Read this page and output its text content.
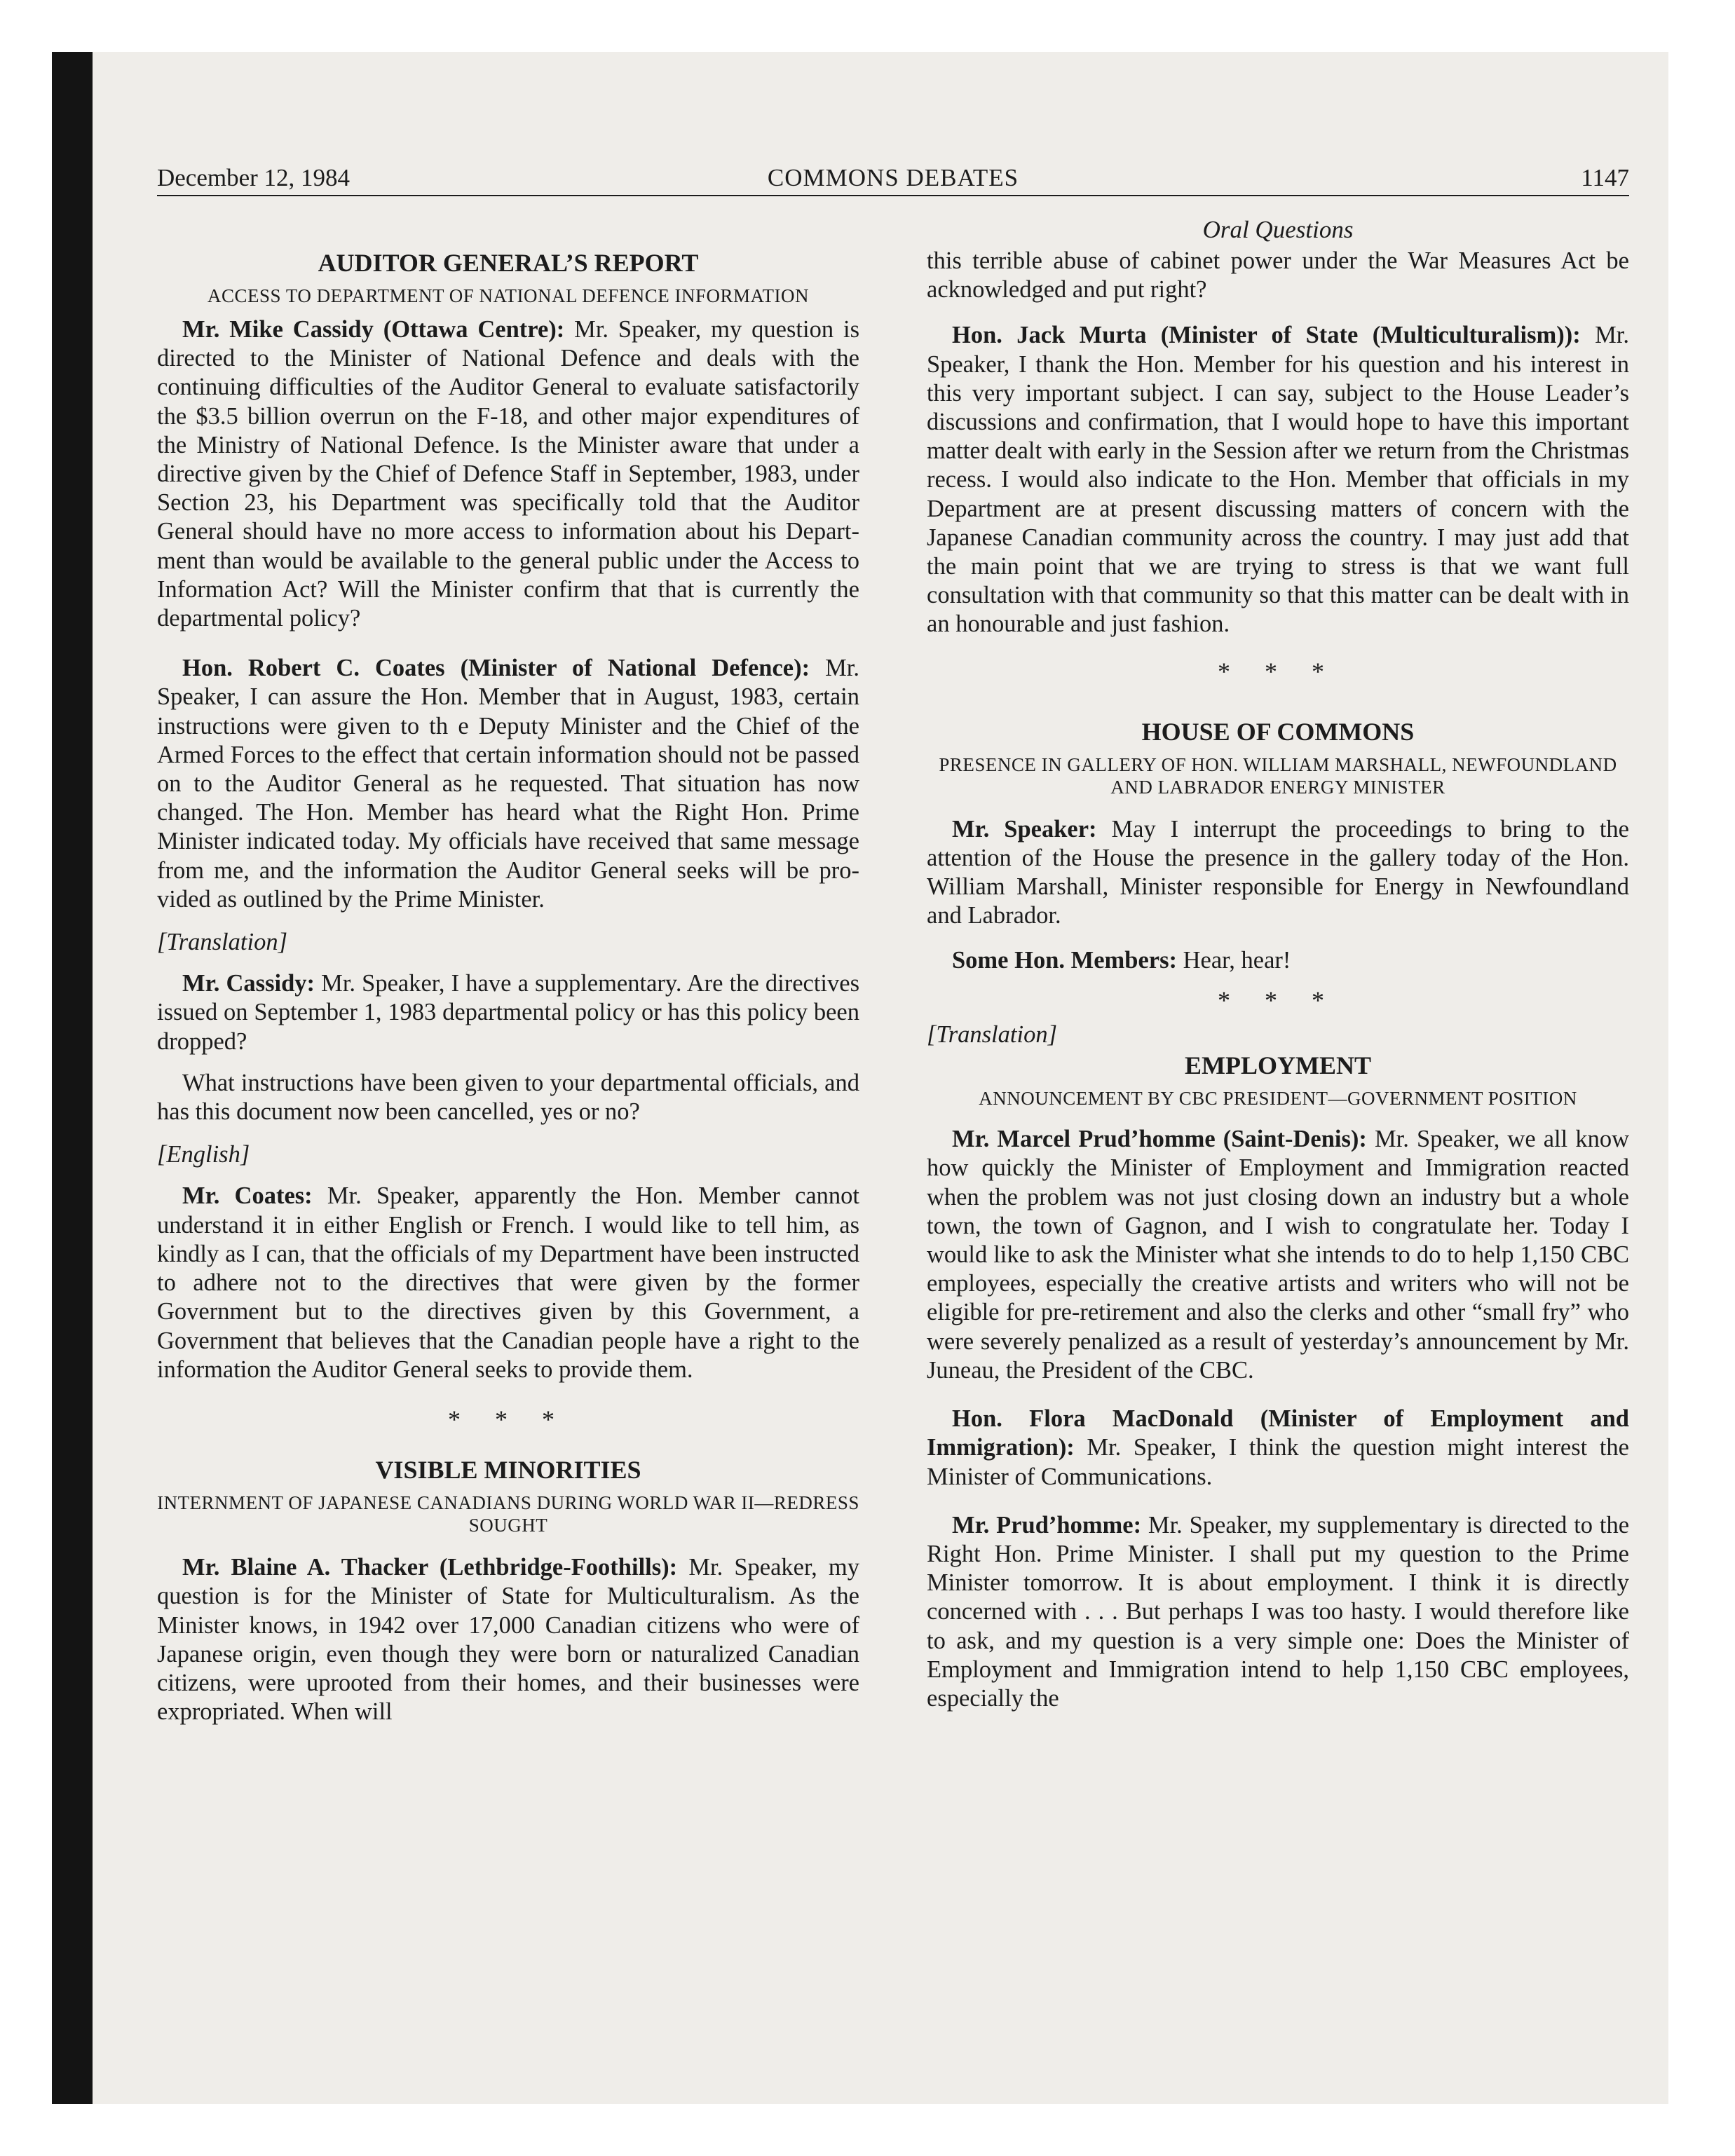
December 12, 1984	COMMONS DEBATES	1147
AUDITOR GENERAL’S REPORT
ACCESS TO DEPARTMENT OF NATIONAL DEFENCE INFORMATION

Mr. Mike Cassidy (Ottawa Centre): Mr. Speaker, my question is directed to the Minister of National Defence and deals with the continuing difficulties of the Auditor General to evaluate satisfactorily the $3.5 billion overrun on the F-18, and other major expenditures of the Ministry of National Defence. Is the Minister aware that under a directive given by the Chief of Defence Staff in September, 1983, under Section 23, his Department was specifically told that the Auditor General should have no more access to information about his Department than would be available to the general public under the Access to Information Act? Will the Minister confirm that that is currently the departmental policy?

Hon. Robert C. Coates (Minister of National Defence): Mr. Speaker, I can assure the Hon. Member that in August, 1983, certain instructions were given to th e Deputy Minister and the Chief of the Armed Forces to the effect that certain information should not be passed on to the Auditor General as he requested. That situation has now changed. The Hon. Member has heard what the Right Hon. Prime Minister indicated today. My officials have received that same message from me, and the information the Auditor General seeks will be provided as outlined by the Prime Minister.

[Translation]

Mr. Cassidy: Mr. Speaker, I have a supplementary. Are the directives issued on September 1, 1983 departmental policy or has this policy been dropped?

What instructions have been given to your departmental officials, and has this document now been cancelled, yes or no?

[English]

Mr. Coates: Mr. Speaker, apparently the Hon. Member cannot understand it in either English or French. I would like to tell him, as kindly as I can, that the officials of my Department have been instructed to adhere not to the directives that were given by the former Government but to the directives given by this Government, a Government that believes that the Canadian people have a right to the information the Auditor General seeks to provide them.

* * *
VISIBLE MINORITIES
INTERNMENT OF JAPANESE CANADIANS DURING WORLD WAR II—REDRESS SOUGHT

Mr. Blaine A. Thacker (Lethbridge-Foothills): Mr. Speaker, my question is for the Minister of State for Multiculturalism. As the Minister knows, in 1942 over 17,000 Canadian citizens who were of Japanese origin, even though they were born or naturalized Canadian citizens, were uprooted from their homes, and their businesses were expropriated. When will

Oral Questions

this terrible abuse of cabinet power under the War Measures Act be acknowledged and put right?

Hon. Jack Murta (Minister of State (Multiculturalism)): Mr. Speaker, I thank the Hon. Member for his question and his interest in this very important subject. I can say, subject to the House Leader’s discussions and confirmation, that I would hope to have this important matter dealt with early in the Session after we return from the Christmas recess. I would also indicate to the Hon. Member that officials in my Department are at present discussing matters of concern with the Japanese Canadian community across the country. I may just add that the main point that we are trying to stress is that we want full consultation with that community so that this matter can be dealt with in an honourable and just fashion.

* * *
HOUSE OF COMMONS
PRESENCE IN GALLERY OF HON. WILLIAM MARSHALL, NEWFOUNDLAND AND LABRADOR ENERGY MINISTER

Mr. Speaker: May I interrupt the proceedings to bring to the attention of the House the presence in the gallery today of the Hon. William Marshall, Minister responsible for Energy in Newfoundland and Labrador.

Some Hon. Members: Hear, hear!

* * *

[Translation]

EMPLOYMENT
ANNOUNCEMENT BY CBC PRESIDENT—GOVERNMENT POSITION

Mr. Marcel Prud’homme (Saint-Denis): Mr. Speaker, we all know how quickly the Minister of Employment and Immigration reacted when the problem was not just closing down an industry but a whole town, the town of Gagnon, and I wish to congratulate her. Today I would like to ask the Minister what she intends to do to help 1,150 CBC employees, especially the creative artists and writers who will not be eligible for pre-retirement and also the clerks and other “small fry” who were severely penalized as a result of yesterday’s announcement by Mr. Juneau, the President of the CBC.

Hon. Flora MacDonald (Minister of Employment and Immigration): Mr. Speaker, I think the question might interest the Minister of Communications.

Mr. Prud’homme: Mr. Speaker, my supplementary is directed to the Right Hon. Prime Minister. I shall put my question to the Prime Minister tomorrow. It is about employment. I think it is directly concerned with . . . But perhaps I was too hasty. I would therefore like to ask, and my question is a very simple one: Does the Minister of Employment and Immigration intend to help 1,150 CBC employees, especially the
